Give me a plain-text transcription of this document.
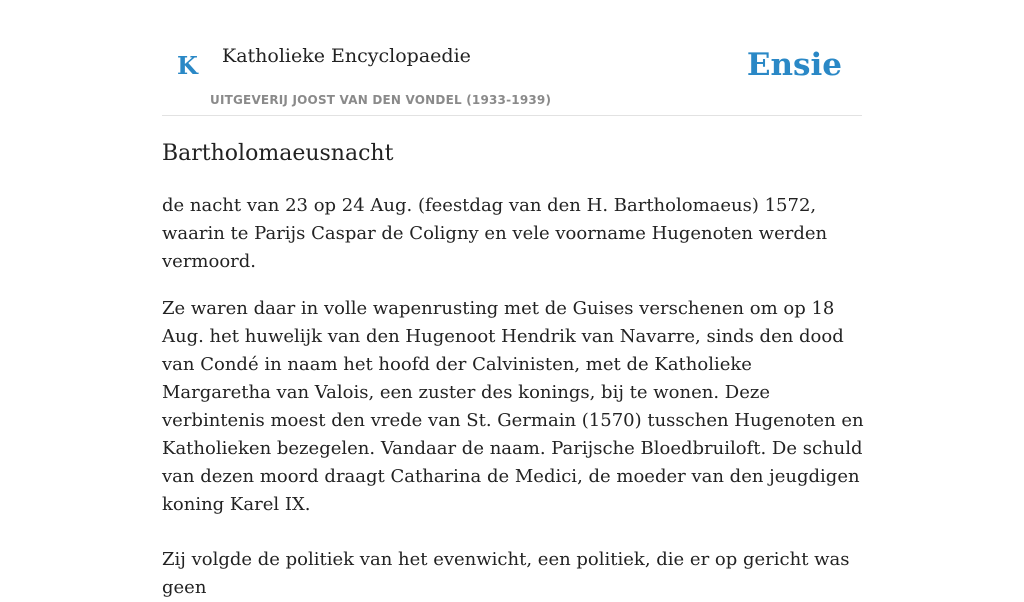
K Katholieke Encyclopaedie
UITGEVERIJ JOOST VAN DEN VONDEL (1933-1939)
Ensie
Bartholomaeusnacht

de nacht van 23 op 24 Aug. (feestdag van den H. Bartholomaeus) 1572, waarin te Parijs Caspar de Coligny en vele voorname Hugenoten werden vermoord.

Ze waren daar in volle wapenrusting met de Guises verschenen om op 18 Aug. het huwelijk van den Hugenoot Hendrik van Navarre, sinds den dood van Condé in naam het hoofd der Calvinisten, met de Katholieke Margaretha van Valois, een zuster des konings, bij te wonen. Deze verbintenis moest den vrede van St. Germain (1570) tusschen Hugenoten en Katholieken bezegelen. Vandaar de naam. Parijsche Bloedbruiloft. De schuld van dezen moord draagt Catharina de Medici, de moeder van den jeugdigen koning Karel IX.

Zij volgde de politiek van het evenwicht, een politiek, die er op gericht was geen
